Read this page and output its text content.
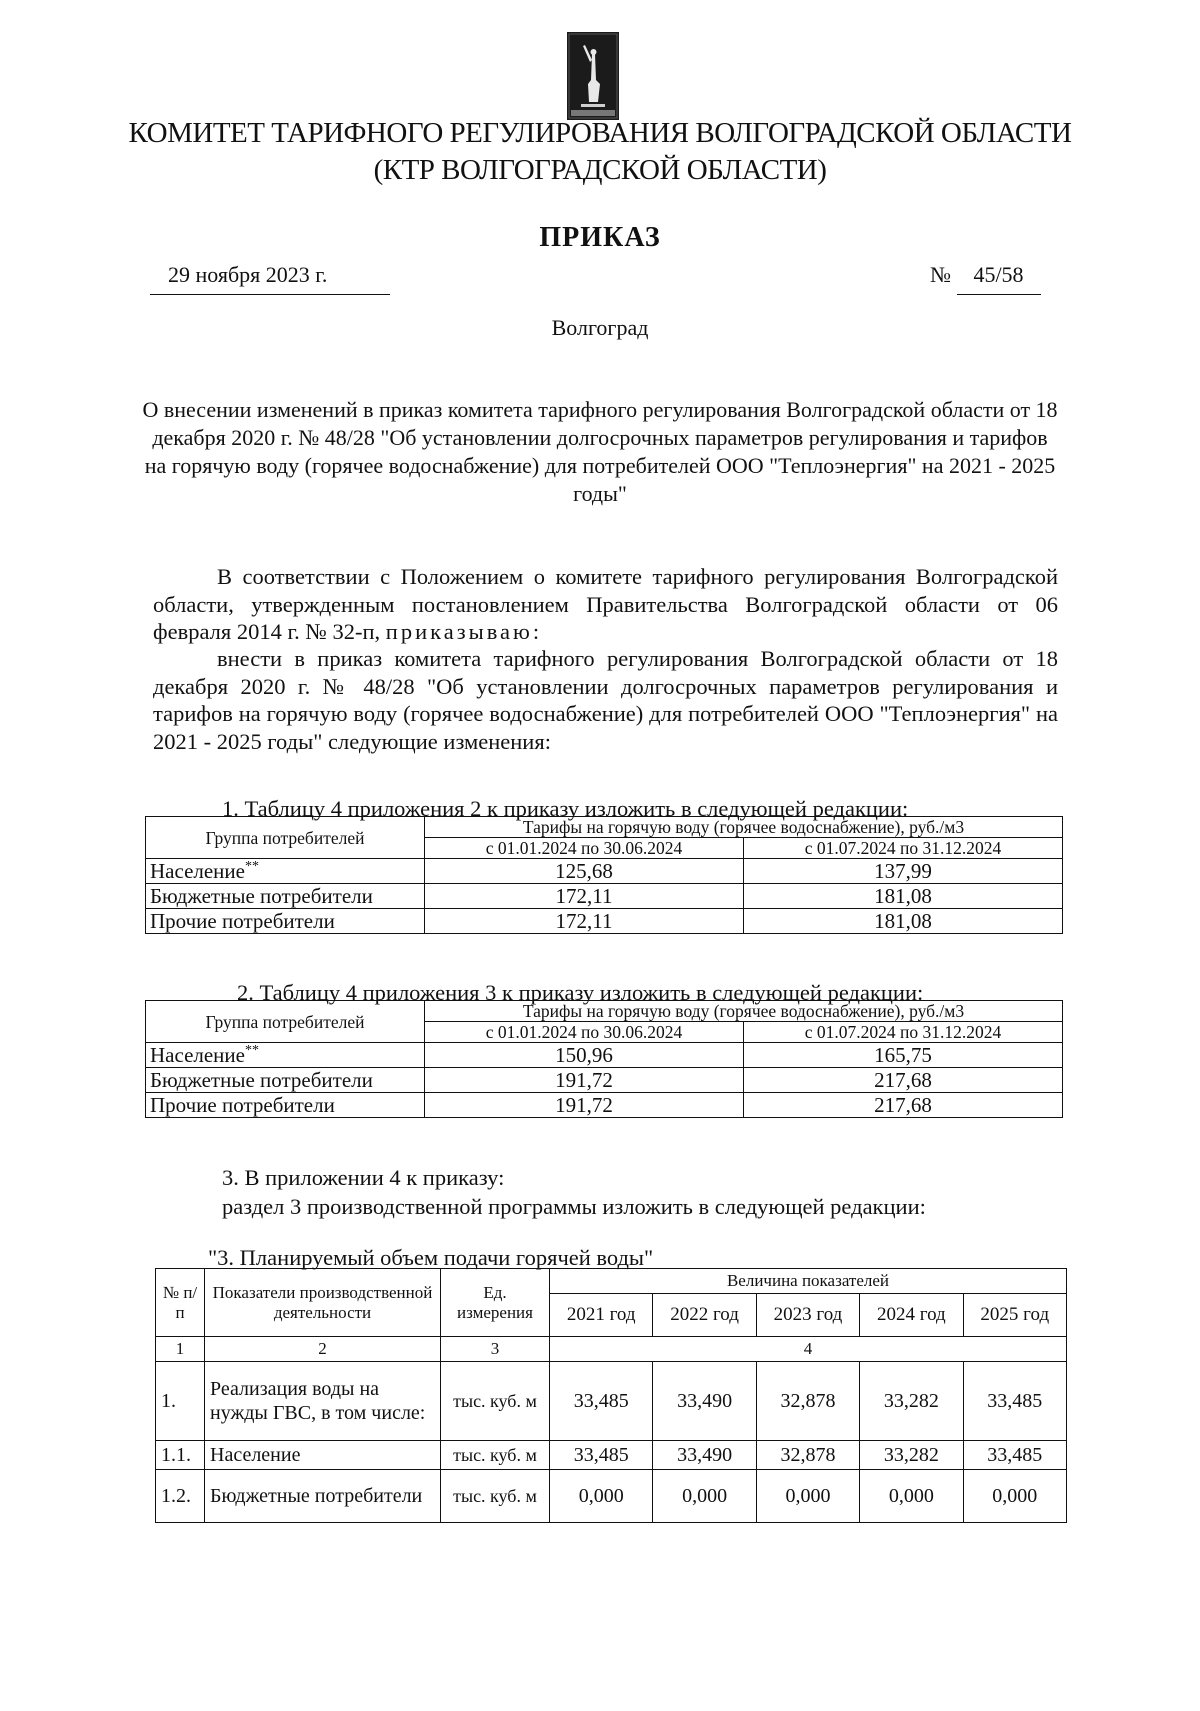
КОМИТЕТ ТАРИФНОГО РЕГУЛИРОВАНИЯ ВОЛГОГРАДСКОЙ ОБЛАСТИ
(КТР ВОЛГОГРАДСКОЙ ОБЛАСТИ)
ПРИКАЗ
29 ноября 2023 г.	№ 45/58
Волгоград
О внесении изменений в приказ комитета тарифного регулирования Волгоградской области от 18 декабря 2020 г. № 48/28 "Об установлении долгосрочных параметров регулирования и тарифов на горячую воду (горячее водоснабжение) для потребителей ООО "Теплоэнергия" на 2021 - 2025 годы"
В соответствии с Положением о комитете тарифного регулирования Волгоградской области, утвержденным постановлением Правительства Волгоградской области от 06 февраля 2014 г. № 32-п, приказываю:
внести в приказ комитета тарифного регулирования Волгоградской области от 18 декабря 2020 г. № 48/28 "Об установлении долгосрочных параметров регулирования и тарифов на горячую воду (горячее водоснабжение) для потребителей ООО "Теплоэнергия" на 2021 - 2025 годы" следующие изменения:
1. Таблицу 4 приложения 2 к приказу изложить в следующей редакции:
Группа потребителей	Тарифы на горячую воду (горячее водоснабжение), руб./м3	
	с 01.01.2024 по 30.06.2024	с 01.07.2024 по 31.12.2024
Население**	125,68	137,99
Бюджетные потребители	172,11	181,08
Прочие потребители	172,11	181,08
2. Таблицу 4 приложения 3 к приказу изложить в следующей редакции:
Группа потребителей	Тарифы на горячую воду (горячее водоснабжение), руб./м3	
	с 01.01.2024 по 30.06.2024	с 01.07.2024 по 31.12.2024
Население**	150,96	165,75
Бюджетные потребители	191,72	217,68
Прочие потребители	191,72	217,68
3. В приложении 4 к приказу:
раздел 3 производственной программы изложить в следующей редакции:
"3. Планируемый объем подачи горячей воды"
№ п/п	Показатели производственной деятельности	Ед. измерения	Величина показателей				
			2021 год	2022 год	2023 год	2024 год	2025 год
1	2	3	4				
1.	Реализация воды на нужды ГВС, в том числе:	тыс. куб. м	33,485	33,490	32,878	33,282	33,485
1.1.	Население	тыс. куб. м	33,485	33,490	32,878	33,282	33,485
1.2.	Бюджетные потребители	тыс. куб. м	0,000	0,000	0,000	0,000	0,000
